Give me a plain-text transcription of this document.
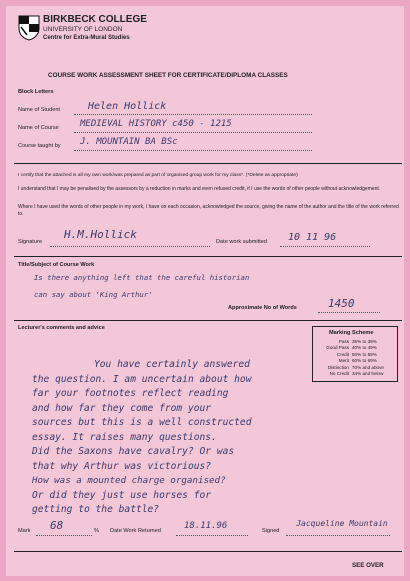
BIRKBECK COLLEGE
UNIVERSITY OF LONDON
Centre for Extra-Mural Studies
COURSE WORK ASSESSMENT SHEET FOR CERTIFICATE/DIPLOMA CLASSES
Block Letters
Name of Student	Helen Hollick
Name of Course MEDIEVAL HISTORY c450 - 1215
Course taught by J. MOUNTAIN BA BSc
I certify that the attached is all my own work/was prepared as part of organised group work for my class*. (*Delete as appropriate)
I understand that I may be penalised by the assessors by a reduction in marks and even refused credit, if I use the words of other people without acknowledgement.
Where I have used the words of other people in my work, I have on each occasion, acknowledged the source, giving the name of the author and the title of the work referred to.
Signature
H.M.Hollick
Date work submitted 10 11 96
Title/Subject of Course Work
Is there anything left that the careful historian
can say about 'King Arthur'
Approximate No of Words	1450
Lecturer's comments and advice
Marking Scheme
Pass 35% to 39%
Good Pass 40% to 49%
Credit 50% to 59%
Merit 60% to 69%
Distinction 70% and above
No Credit 34% and below
You have certainly answered
the question. I am uncertain about how
far your footnotes reflect reading
and how far they come from your
sources but this is a well constructed
essay. It raises many questions.
Did the Saxons have cavalry? Or was
that why Arthur was victorious?
How was a mounted charge organised?
Or did they just use horses for
getting to the battle?
Mark 68	% Date Work Returned	18.11.96	Signed
Jacqueline Mountain
SEE OVER
